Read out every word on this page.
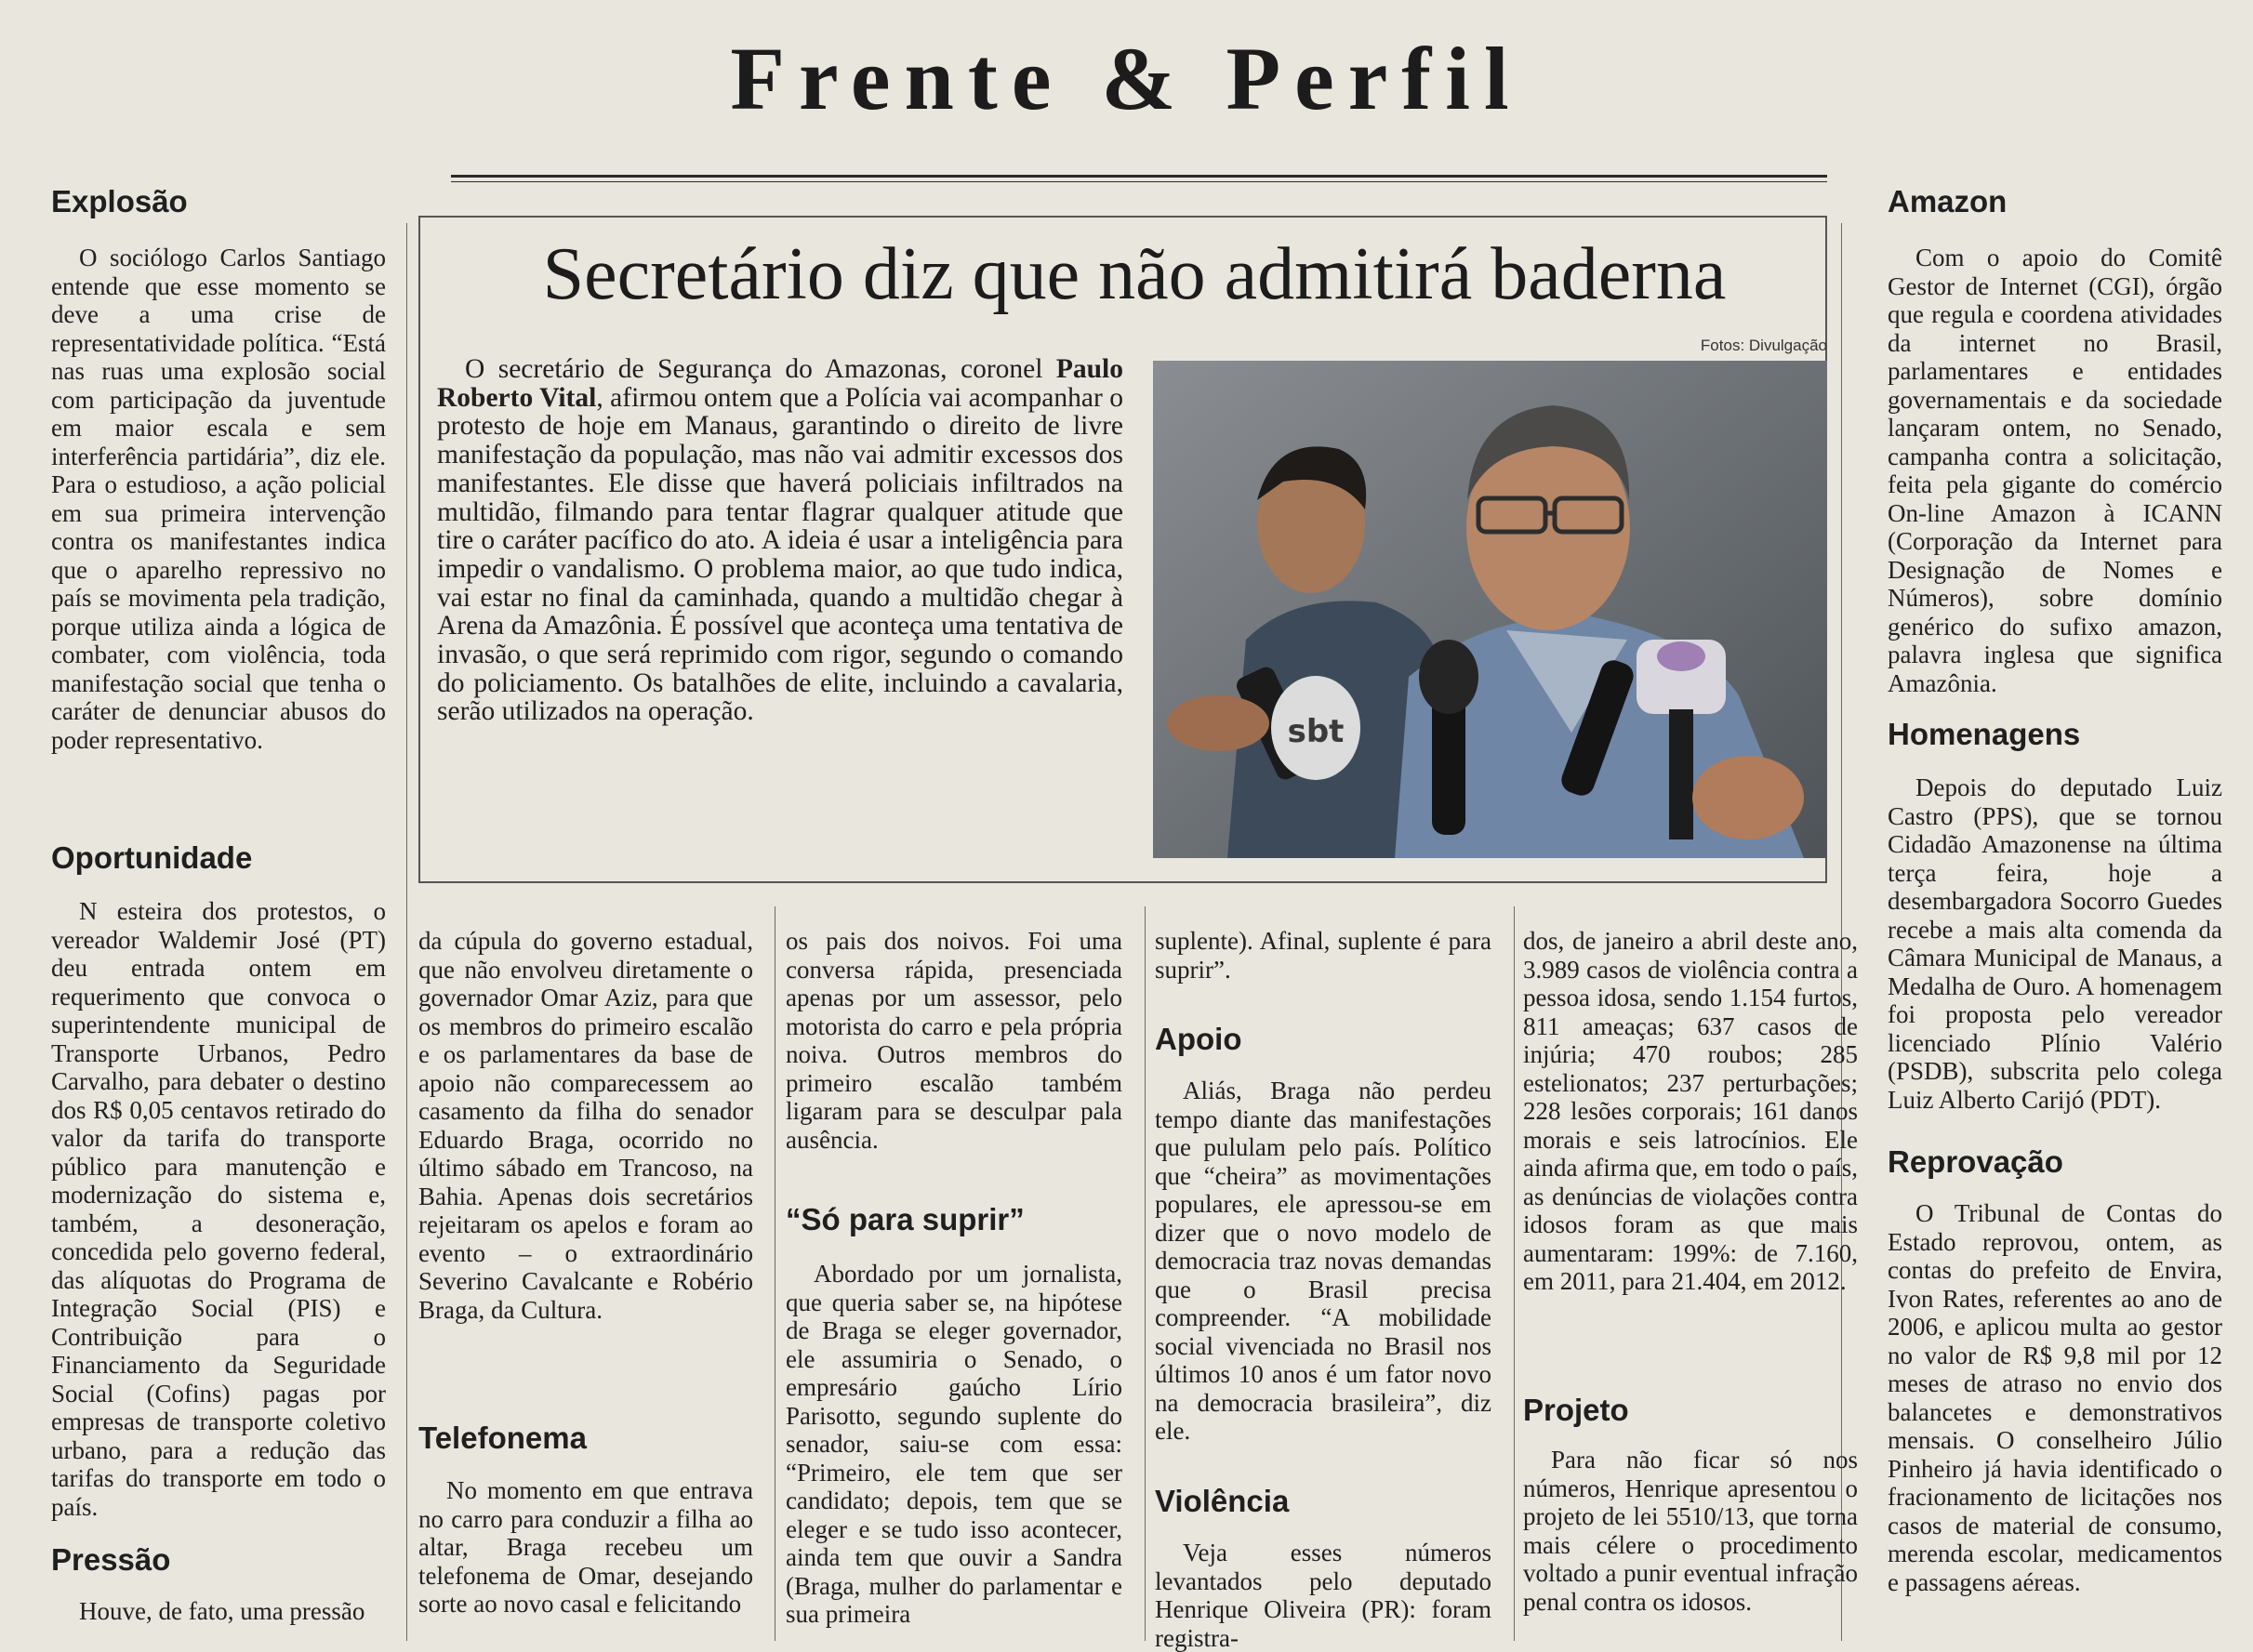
Frente & Perfil
Secretário diz que não admitirá baderna
Fotos: Divulgação
O secretário de Segurança do Amazonas, coronel Paulo Roberto Vital, afirmou ontem que a Polícia vai acompanhar o protesto de hoje em Manaus, garantindo o direito de livre manifestação da população, mas não vai admitir excessos dos manifestantes. Ele disse que haverá policiais infiltrados na multidão, filmando para tentar flagrar qualquer atitude que tire o caráter pacífico do ato. A ideia é usar a inteligência para impedir o vandalismo. O problema maior, ao que tudo indica, vai estar no final da caminhada, quando a multidão chegar à Arena da Amazônia. É possível que aconteça uma tentativa de invasão, o que será reprimido com rigor, segundo o comando do policiamento. Os batalhões de elite, incluindo a cavalaria, serão utilizados na operação.
sbt
Explosão
O sociólogo Carlos Santiago entende que esse momento se deve a uma crise de representatividade política. “Está nas ruas uma explosão social com participação da juventude em maior escala e sem interferência partidária”, diz ele. Para o estudioso, a ação policial em sua primeira intervenção contra os manifestantes indica que o aparelho repressivo no país se movimenta pela tradição, porque utiliza ainda a lógica de combater, com violência, toda manifestação social que tenha o caráter de denunciar abusos do poder representativo.
Oportunidade
N esteira dos protestos, o vereador Waldemir José (PT) deu entrada ontem em requerimento que convoca o superintendente municipal de Transporte Urbanos, Pedro Carvalho, para debater o destino dos R$ 0,05 centavos retirado do valor da tarifa do transporte público para manutenção e modernização do sistema e, também, a desoneração, concedida pelo governo federal, das alíquotas do Programa de Integração Social (PIS) e Contribuição para o Financiamento da Seguridade Social (Cofins) pagas por empresas de transporte coletivo urbano, para a redução das tarifas do transporte em todo o país.
Pressão
Houve, de fato, uma pressão
da cúpula do governo estadual, que não envolveu diretamente o governador Omar Aziz, para que os membros do primeiro escalão e os parlamentares da base de apoio não comparecessem ao casamento da filha do senador Eduardo Braga, ocorrido no último sábado em Trancoso, na Bahia. Apenas dois secretários rejeitaram os apelos e foram ao evento – o extraordinário Severino Cavalcante e Robério Braga, da Cultura.
Telefonema
No momento em que entrava no carro para conduzir a filha ao altar, Braga recebeu um telefonema de Omar, desejando sorte ao novo casal e felicitando
os pais dos noivos. Foi uma conversa rápida, presenciada apenas por um assessor, pelo motorista do carro e pela própria noiva. Outros membros do primeiro escalão também ligaram para se desculpar pala ausência.
“Só para suprir”
Abordado por um jornalista, que queria saber se, na hipótese de Braga se eleger governador, ele assumiria o Senado, o empresário gaúcho Lírio Parisotto, segundo suplente do senador, saiu-se com essa: “Primeiro, ele tem que ser candidato; depois, tem que se eleger e se tudo isso acontecer, ainda tem que ouvir a Sandra (Braga, mulher do parlamentar e sua primeira
suplente). Afinal, suplente é para suprir”.
Apoio
Aliás, Braga não perdeu tempo diante das manifestações que pululam pelo país. Político que “cheira” as movimentações populares, ele apressou-se em dizer que o novo modelo de democracia traz novas demandas que o Brasil precisa compreender. “A mobilidade social vivenciada no Brasil nos últimos 10 anos é um fator novo na democracia brasileira”, diz ele.
Violência
Veja esses números levantados pelo deputado Henrique Oliveira (PR): foram registra-
dos, de janeiro a abril deste ano, 3.989 casos de violência contra a pessoa idosa, sendo 1.154 furtos, 811 ameaças; 637 casos de injúria; 470 roubos; 285 estelionatos; 237 perturbações; 228 lesões corporais; 161 danos morais e seis latrocínios. Ele ainda afirma que, em todo o país, as denúncias de violações contra idosos foram as que mais aumentaram: 199%: de 7.160, em 2011, para 21.404, em 2012.
Projeto
Para não ficar só nos números, Henrique apresentou o projeto de lei 5510/13, que torna mais célere o procedimento voltado a punir eventual infração penal contra os idosos.
Amazon
Com o apoio do Comitê Gestor de Internet (CGI), órgão que regula e coordena atividades da internet no Brasil, parlamentares e entidades governamentais e da sociedade lançaram ontem, no Senado, campanha contra a solicitação, feita pela gigante do comércio On-line Amazon à ICANN (Corporação da Internet para Designação de Nomes e Números), sobre domínio genérico do sufixo amazon, palavra inglesa que significa Amazônia.
Homenagens
Depois do deputado Luiz Castro (PPS), que se tornou Cidadão Amazonense na última terça feira, hoje a desembargadora Socorro Guedes recebe a mais alta comenda da Câmara Municipal de Manaus, a Medalha de Ouro. A homenagem foi proposta pelo vereador licenciado Plínio Valério (PSDB), subscrita pelo colega Luiz Alberto Carijó (PDT).
Reprovação
O Tribunal de Contas do Estado reprovou, ontem, as contas do prefeito de Envira, Ivon Rates, referentes ao ano de 2006, e aplicou multa ao gestor no valor de R$ 9,8 mil por 12 meses de atraso no envio dos balancetes e demonstrativos mensais. O conselheiro Júlio Pinheiro já havia identificado o fracionamento de licitações nos casos de material de consumo, merenda escolar, medicamentos e passagens aéreas.
